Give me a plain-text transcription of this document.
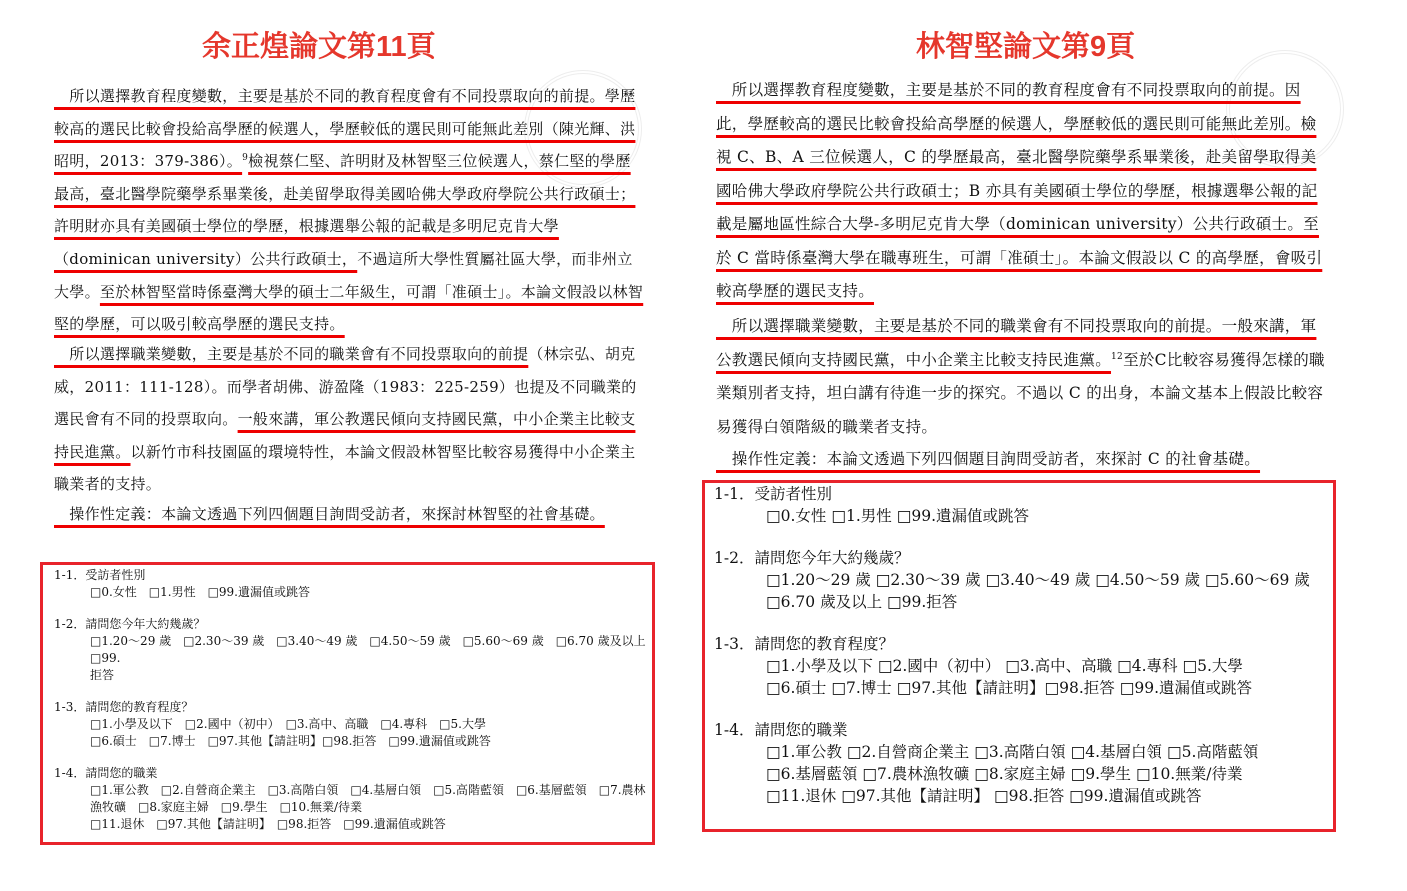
余正煌論文第11頁
　所以選擇教育程度變數，主要是基於不同的教育程度會有不同投票取向的前提。學歷較高的選民比較會投給高學歷的候選人，學歷較低的選民則可能無此差別（陳光輝、洪昭明，2013：379-386）。$^9$檢視蔡仁堅、許明財及林智堅三位候選人，蔡仁堅的學歷最高，臺北醫學院藥學系畢業後，赴美留學取得美國哈佛大學政府學院公共行政碩士；許明財亦具有美國碩士學位的學歷，根據選舉公報的記載是多明尼克肯大學（dominican university）公共行政碩士，不過這所大學性質屬社區大學，而非州立大學。至於林智堅當時係臺灣大學的碩士二年級生，可謂「准碩士」。本論文假設以林智堅的學歷，可以吸引較高學歷的選民支持。
　所以選擇職業變數，主要是基於不同的職業會有不同投票取向的前提（林宗弘、胡克威，2011：111-128）。而學者胡佛、游盈隆（1983：225-259）也提及不同職業的選民會有不同的投票取向。一般來講，軍公教選民傾向支持國民黨，中小企業主比較支持民進黨。以新竹市科技園區的環境特性，本論文假設林智堅比較容易獲得中小企業主職業者的支持。
　操作性定義：本論文透過下列四個題目詢問受訪者，來探討林智堅的社會基礎。
1-1．受訪者性別
□0.女性　□1.男性　□99.遺漏值或跳答
1-2．請問您今年大約幾歲？
□1.20～29 歲　□2.30～39 歲　□3.40～49 歲　□4.50～59 歲　□5.60～69 歲　□6.70 歲及以上　□99.
拒答
1-3．請問您的教育程度？
□1.小學及以下　□2.國中（初中）　□3.高中、高職　□4.專科　□5.大學
□6.碩士　□7.博士　□97.其他【請註明】□98.拒答　□99.遺漏值或跳答
1-4．請問您的職業
□1.軍公教　□2.自營商企業主　□3.高階白領　□4.基層白領　□5.高階藍領　□6.基層藍領　□7.農林
漁牧礦　□8.家庭主婦　□9.學生　□10.無業/待業
□11.退休　□97.其他【請註明】　□98.拒答　□99.遺漏值或跳答
林智堅論文第9頁
　所以選擇教育程度變數，主要是基於不同的教育程度會有不同投票取向的前提。因此，學歷較高的選民比較會投給高學歷的候選人，學歷較低的選民則可能無此差別。檢視 C、B、A 三位候選人，C 的學歷最高，臺北醫學院藥學系畢業後，赴美留學取得美國哈佛大學政府學院公共行政碩士；B 亦具有美國碩士學位的學歷，根據選舉公報的記載是屬地區性綜合大學-多明尼克肯大學（dominican university）公共行政碩士。至於 C 當時係臺灣大學在職專班生，可謂「准碩士」。本論文假設以 C 的高學歷，會吸引較高學歷的選民支持。
　所以選擇職業變數，主要是基於不同的職業會有不同投票取向的前提。一般來講，軍公教選民傾向支持國民黨，中小企業主比較支持民進黨。$^{12}$至於C比較容易獲得怎樣的職業類別者支持，坦白講有待進一步的探究。不過以 C 的出身，本論文基本上假設比較容易獲得白領階級的職業者支持。
　操作性定義：本論文透過下列四個題目詢問受訪者，來探討 C 的社會基礎。
1-1．受訪者性別
□0.女性 □1.男性 □99.遺漏值或跳答
1-2．請問您今年大約幾歲？
□1.20～29 歲 □2.30～39 歲 □3.40～49 歲 □4.50～59 歲 □5.60～69 歲
□6.70 歲及以上 □99.拒答
1-3．請問您的教育程度？
□1.小學及以下 □2.國中（初中） □3.高中、高職 □4.專科 □5.大學
□6.碩士 □7.博士 □97.其他【請註明】□98.拒答 □99.遺漏值或跳答
1-4．請問您的職業
□1.軍公教 □2.自營商企業主 □3.高階白領 □4.基層白領 □5.高階藍領
□6.基層藍領 □7.農林漁牧礦 □8.家庭主婦 □9.學生 □10.無業/待業
□11.退休 □97.其他【請註明】 □98.拒答 □99.遺漏值或跳答
